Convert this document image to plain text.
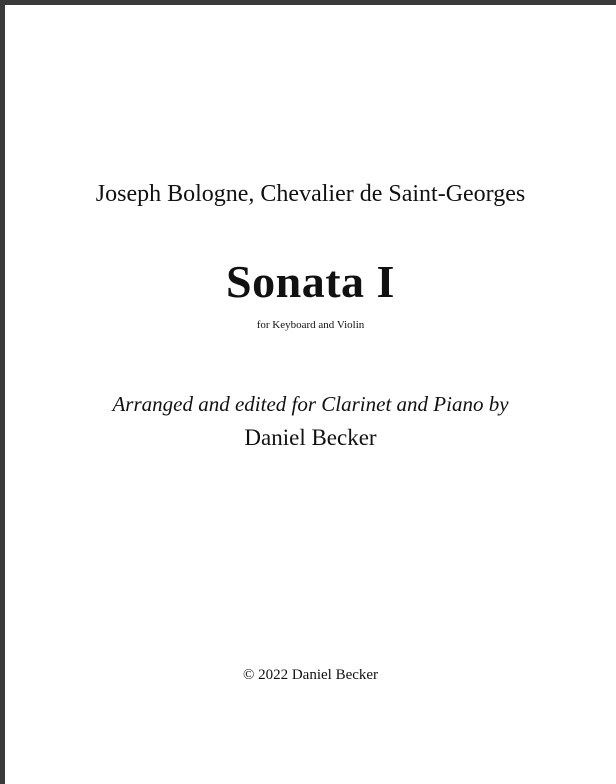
Joseph Bologne, Chevalier de Saint-Georges
Sonata I
for Keyboard and Violin
Arranged and edited for Clarinet and Piano by
Daniel Becker
© 2022 Daniel Becker
